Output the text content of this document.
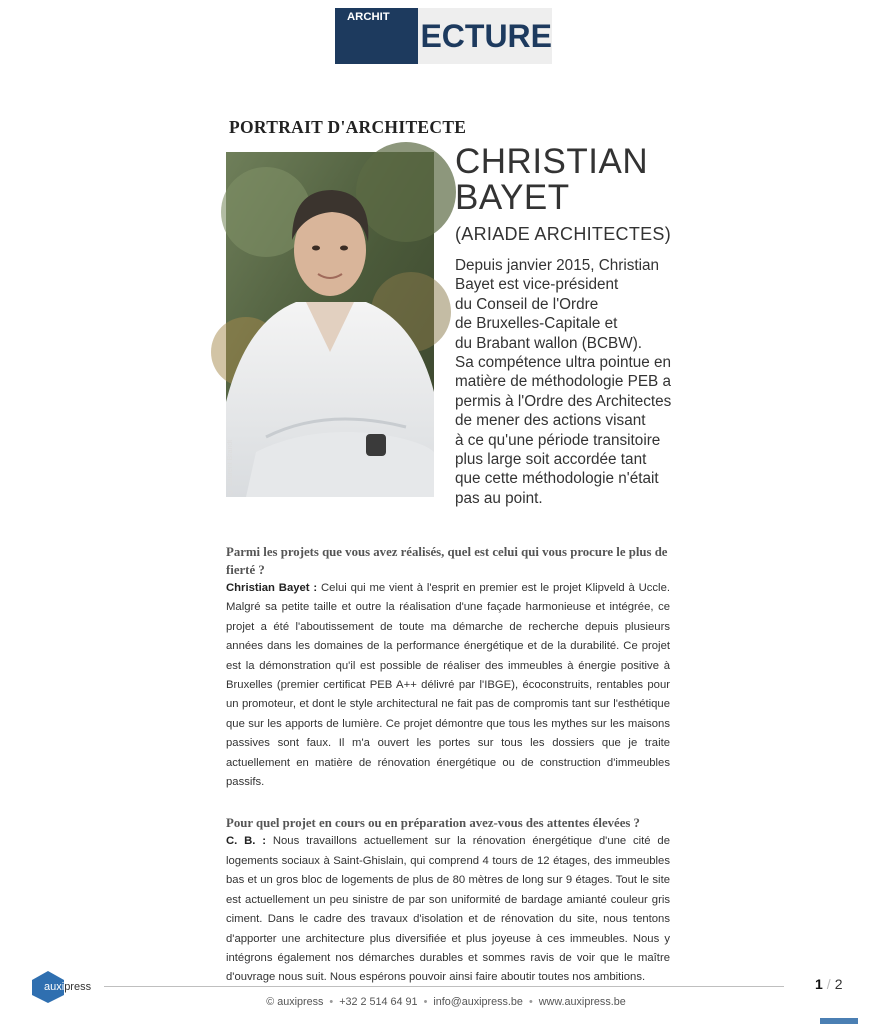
ARCHIT
ECTURE
PORTRAIT D'ARCHITECTE
© Laurent Brandt
CHRISTIAN
BAYET
(ARIADE ARCHITECTES)
Depuis janvier 2015, Christian
Bayet est vice-président
du Conseil de l'Ordre
de Bruxelles-Capitale et
du Brabant wallon (BCBW).
Sa compétence ultra pointue en
matière de méthodologie PEB a
permis à l'Ordre des Architectes
de mener des actions visant
à ce qu'une période transitoire
plus large soit accordée tant
que cette méthodologie n'était
pas au point.

Parmi les projets que vous avez réalisés, quel est celui qui vous procure le plus de fierté ?

Christian Bayet : Celui qui me vient à l'esprit en premier est le projet Klipveld à Uccle. Malgré sa petite taille et outre la réalisation d'une façade harmonieuse et intégrée, ce projet a été l'aboutissement de toute ma démarche de recherche depuis plusieurs années dans les domaines de la performance énergétique et de la durabilité. Ce projet est la démonstration qu'il est possible de réaliser des immeubles à énergie positive à Bruxelles (premier certificat PEB A++ délivré par l'IBGE), écoconstruits, rentables pour un promoteur, et dont le style architectural ne fait pas de compromis tant sur l'esthétique que sur les apports de lumière. Ce projet démontre que tous les mythes sur les maisons passives sont faux. Il m'a ouvert les portes sur tous les dossiers que je traite actuellement en matière de rénovation énergétique ou de construction d'immeubles passifs.

Pour quel projet en cours ou en préparation avez-vous des attentes élevées ?

C. B. : Nous travaillons actuellement sur la rénovation énergétique d'une cité de logements sociaux à Saint-Ghislain, qui comprend 4 tours de 12 étages, des immeubles bas et un gros bloc de logements de plus de 80 mètres de long sur 9 étages. Tout le site est actuellement un peu sinistre de par son uniformité de bardage amianté couleur gris ciment. Dans le cadre des travaux d'isolation et de rénovation du site, nous tentons d'apporter une architecture plus diversifiée et plus joyeuse à ces immeubles. Nous y intégrons également nos démarches durables et sommes ravis de voir que le maître d'ouvrage nous suit. Nous espérons pouvoir ainsi faire aboutir toutes nos ambitions.

auxipress	1 / 2
© auxipress • +32 2 514 64 91 • info@auxipress.be • www.auxipress.be
